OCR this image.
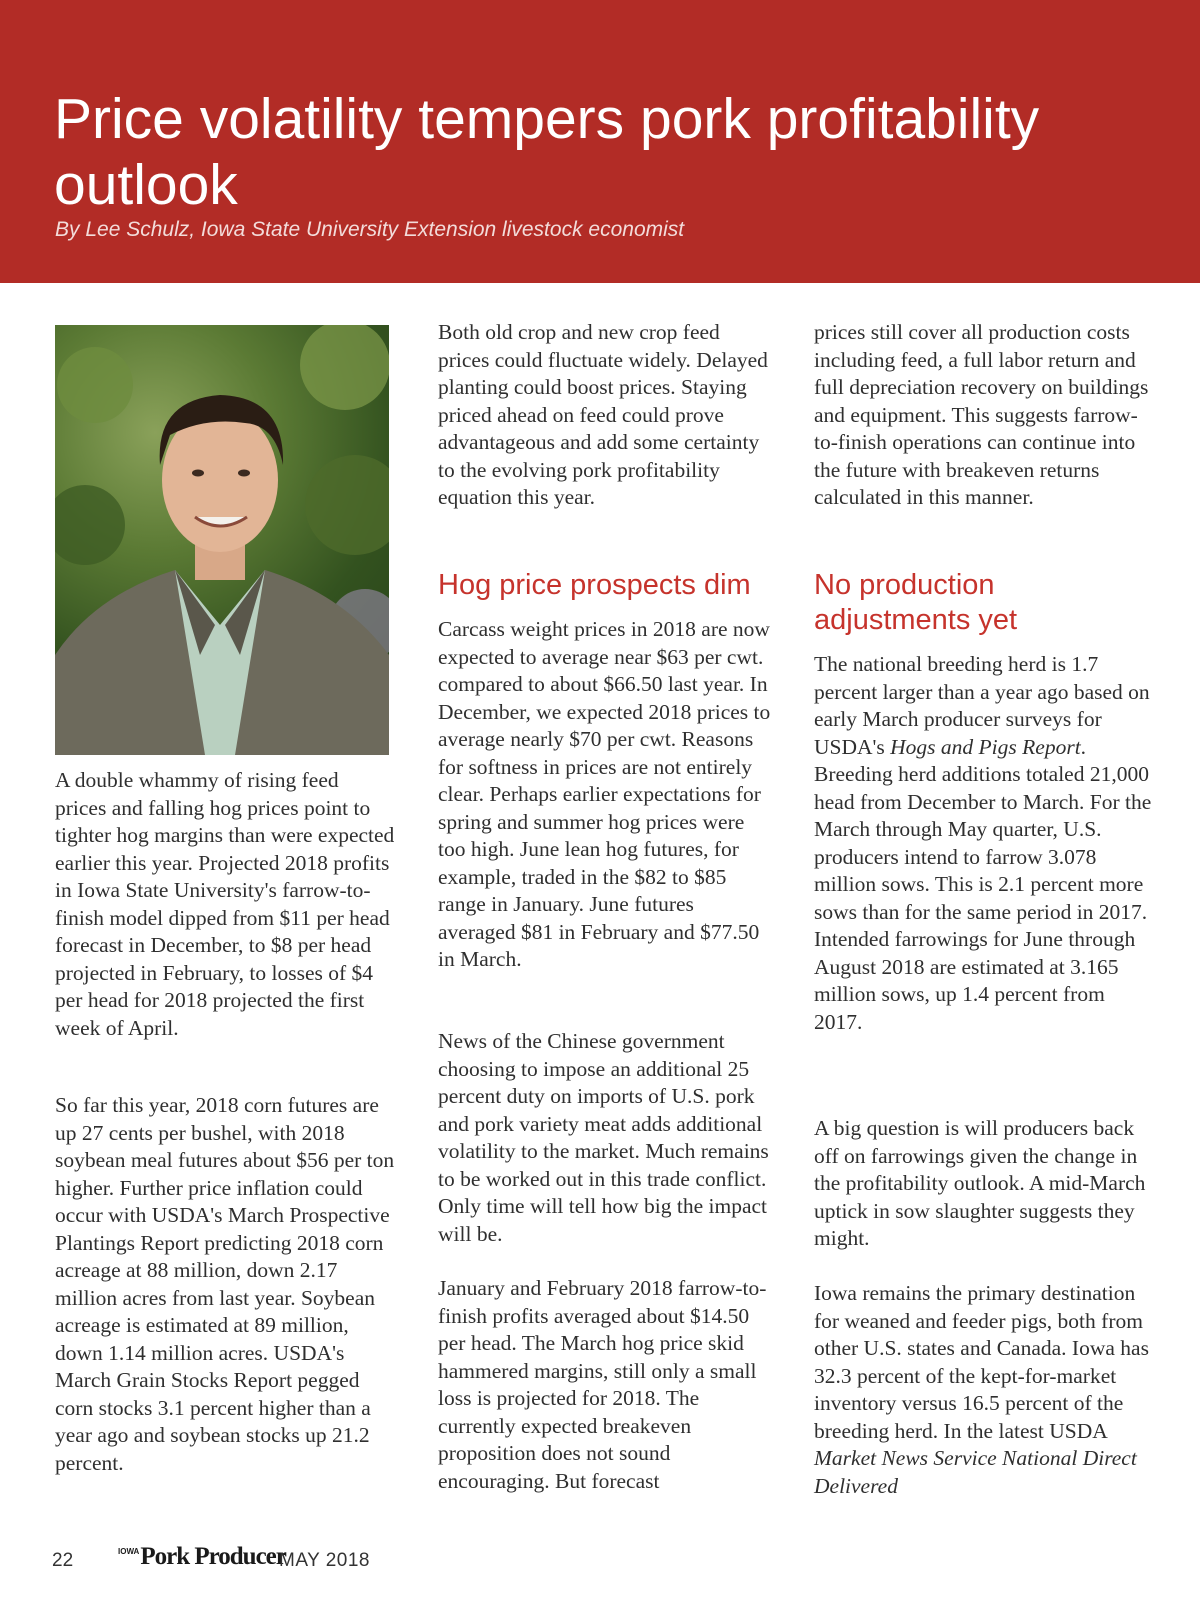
Price volatility tempers pork profitability outlook

By Lee Schulz, Iowa State University Extension livestock economist

A double whammy of rising feed prices and falling hog prices point to tighter hog margins than were expected earlier this year. Projected 2018 profits in Iowa State University's farrow-to-finish model dipped from $11 per head forecast in December, to $8 per head projected in February, to losses of $4 per head for 2018 projected the first week of April.

So far this year, 2018 corn futures are up 27 cents per bushel, with 2018 soybean meal futures about $56 per ton higher. Further price inflation could occur with USDA's March Prospective Plantings Report predicting 2018 corn acreage at 88 million, down 2.17 million acres from last year. Soybean acreage is estimated at 89 million, down 1.14 million acres. USDA's March Grain Stocks Report pegged corn stocks 3.1 percent higher than a year ago and soybean stocks up 21.2 percent.

Both old crop and new crop feed prices could fluctuate widely. Delayed planting could boost prices. Staying priced ahead on feed could prove advantageous and add some certainty to the evolving pork profitability equation this year.

Hog price prospects dim

Carcass weight prices in 2018 are now expected to average near $63 per cwt. compared to about $66.50 last year. In December, we expected 2018 prices to average nearly $70 per cwt. Reasons for softness in prices are not entirely clear. Perhaps earlier expectations for spring and summer hog prices were too high. June lean hog futures, for example, traded in the $82 to $85 range in January. June futures averaged $81 in February and $77.50 in March.

News of the Chinese government choosing to impose an additional 25 percent duty on imports of U.S. pork and pork variety meat adds additional volatility to the market. Much remains to be worked out in this trade conflict. Only time will tell how big the impact will be.

January and February 2018 farrow-to-finish profits averaged about $14.50 per head. The March hog price skid hammered margins, still only a small loss is projected for 2018. The currently expected breakeven proposition does not sound encouraging. But forecast

prices still cover all production costs including feed, a full labor return and full depreciation recovery on buildings and equipment. This suggests farrow-to-finish operations can continue into the future with breakeven returns calculated in this manner.

No production adjustments yet

The national breeding herd is 1.7 percent larger than a year ago based on early March producer surveys for USDA's Hogs and Pigs Report. Breeding herd additions totaled 21,000 head from December to March. For the March through May quarter, U.S. producers intend to farrow 3.078 million sows. This is 2.1 percent more sows than for the same period in 2017. Intended farrowings for June through August 2018 are estimated at 3.165 million sows, up 1.4 percent from 2017.

A big question is will producers back off on farrowings given the change in the profitability outlook. A mid-March uptick in sow slaughter suggests they might.

Iowa remains the primary destination for weaned and feeder pigs, both from other U.S. states and Canada. Iowa has 32.3 percent of the kept-for-market inventory versus 16.5 percent of the breeding herd. In the latest USDA Market News Service National Direct Delivered

22	$^{IOWA}$Pork Producer
MAY 2018
